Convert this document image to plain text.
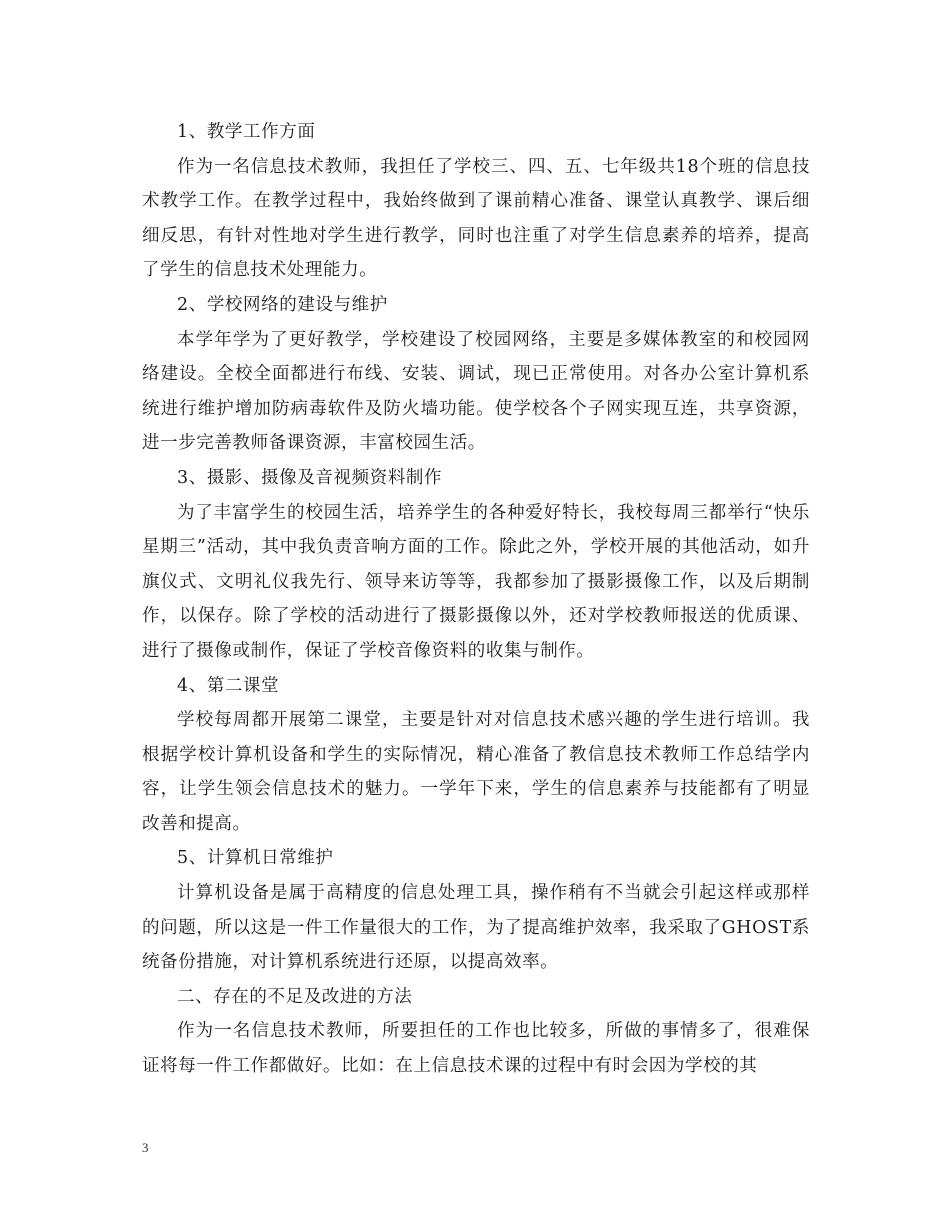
1、教学工作方面

作为一名信息技术教师，我担任了学校三、四、五、七年级共18个班的信息技术教学工作。在教学过程中，我始终做到了课前精心准备、课堂认真教学、课后细细反思，有针对性地对学生进行教学，同时也注重了对学生信息素养的培养，提高了学生的信息技术处理能力。

2、学校网络的建设与维护

本学年学为了更好教学，学校建设了校园网络，主要是多媒体教室的和校园网络建设。全校全面都进行布线、安装、调试，现已正常使用。对各办公室计算机系统进行维护增加防病毒软件及防火墙功能。使学校各个子网实现互连，共享资源，进一步完善教师备课资源，丰富校园生活。

3、摄影、摄像及音视频资料制作

为了丰富学生的校园生活，培养学生的各种爱好特长，我校每周三都举行“快乐星期三”活动，其中我负责音响方面的工作。除此之外，学校开展的其他活动，如升旗仪式、文明礼仪我先行、领导来访等等，我都参加了摄影摄像工作，以及后期制作，以保存。除了学校的活动进行了摄影摄像以外，还对学校教师报送的优质课、进行了摄像或制作，保证了学校音像资料的收集与制作。

4、第二课堂

学校每周都开展第二课堂，主要是针对对信息技术感兴趣的学生进行培训。我根据学校计算机设备和学生的实际情况，精心准备了教信息技术教师工作总结学内容，让学生领会信息技术的魅力。一学年下来，学生的信息素养与技能都有了明显改善和提高。

5、计算机日常维护

计算机设备是属于高精度的信息处理工具，操作稍有不当就会引起这样或那样的问题，所以这是一件工作量很大的工作，为了提高维护效率，我采取了GHOST系统备份措施，对计算机系统进行还原，以提高效率。

二、存在的不足及改进的方法

作为一名信息技术教师，所要担任的工作也比较多，所做的事情多了，很难保证将每一件工作都做好。比如：在上信息技术课的过程中有时会因为学校的其

3
